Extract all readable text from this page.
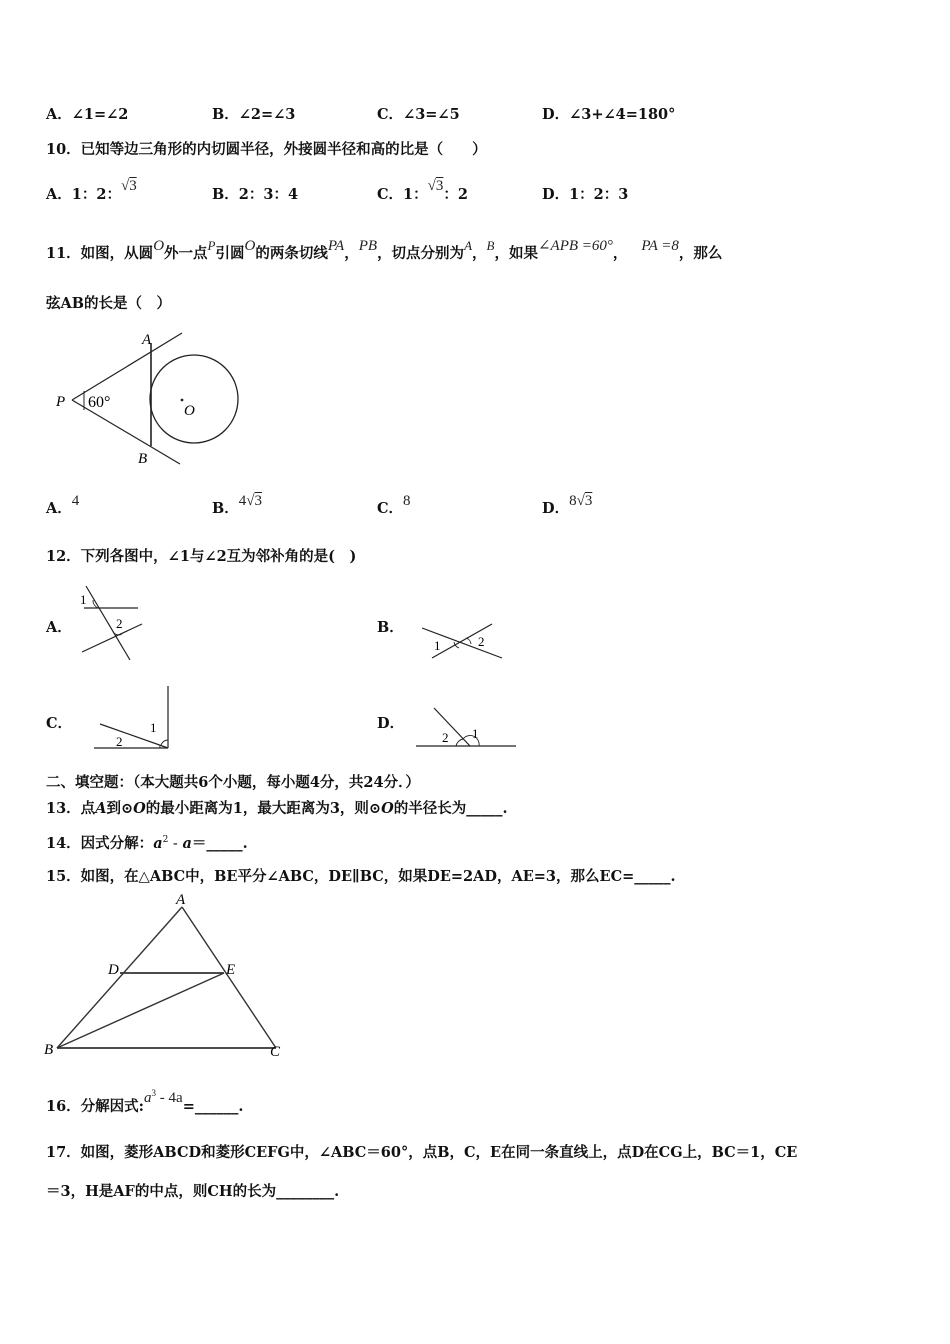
A．∠1=∠2	B．∠2=∠3	C．∠3=∠5	D．∠3+∠4=180°
10．已知等边三角形的内切圆半径，外接圆半径和高的比是（　　）
A．1：2：√3	B．2：3：4	C．1：√3：2	D．1：2：3
11．如图，从圆O外一点P引圆O的两条切线PA，PB，切点分别为A，B，如果∠APB =60°， PA =8，那么
弦AB的长是（　）
P
A
B
O
60°
A．4	B．4√3	C．8	D．8√3
12．下列各图中，∠1与∠2互为邻补角的是(　)
A．
1
2	B．
1	2
C．	1
2
D．
1
2
二、填空题：（本大题共6个小题，每小题4分，共24分．）
13．点A到⊙O的最小距离为1，最大距离为3，则⊙O的半径长为_____.
14．因式分解：$a^2$ - a＝_____.
15．如图，在△ABC中，BE平分∠ABC，DE∥BC，如果DE=2AD，AE=3，那么EC=_____.
A
B	C
D	E
16．分解因式$:a^3$ - 4a=______.
17．如图，菱形ABCD和菱形CEFG中，∠ABC＝60°，点B，C，E在同一条直线上，点D在CG上，BC＝1，CE
＝3，H是AF的中点，则CH的长为________.
